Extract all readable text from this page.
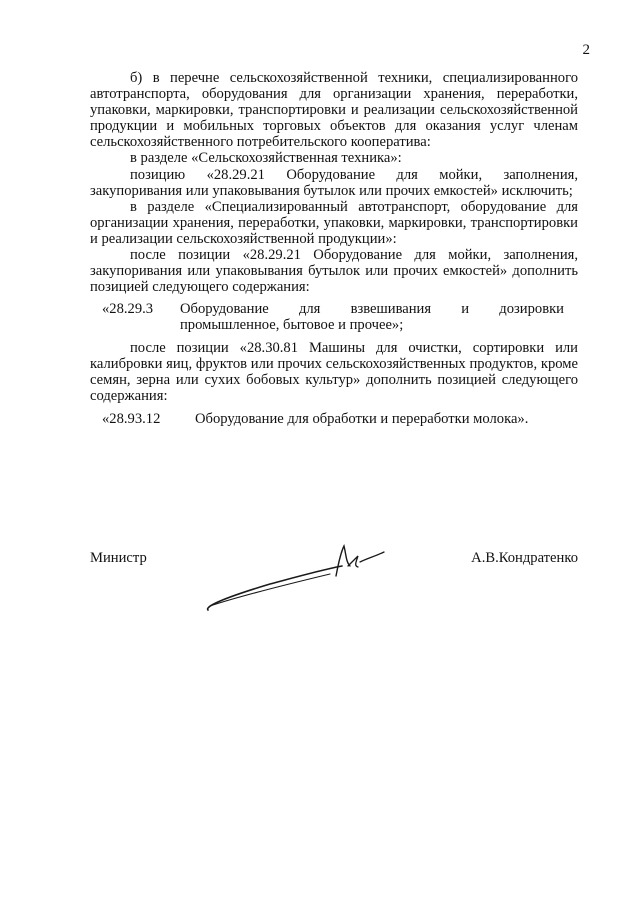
2

б) в перечне сельскохозяйственной техники, специализированного автотранспорта, оборудования для организации хранения, переработки, упаковки, маркировки, транспортировки и реализации сельскохозяйственной продукции и мобильных торговых объектов для оказания услуг членам сельскохозяйственного потребительского кооператива:

в разделе «Сельскохозяйственная техника»:

позицию «28.29.21 Оборудование для мойки, заполнения, закупоривания или упаковывания бутылок или прочих емкостей» исключить;

в разделе «Специализированный автотранспорт, оборудование для организации хранения, переработки, упаковки, маркировки, транспортировки и реализации сельскохозяйственной продукции»:

после позиции «28.29.21 Оборудование для мойки, заполнения, закупоривания или упаковывания бутылок или прочих емкостей» дополнить позицией следующего содержания:

«28.29.3	Оборудование для взвешивания и дозировки
промышленное, бытовое и прочее»;

после позиции «28.30.81 Машины для очистки, сортировки или калибровки яиц, фруктов или прочих сельскохозяйственных продуктов, кроме семян, зерна или сухих бобовых культур» дополнить позицией следующего содержания:

«28.93.12	Оборудование для обработки и переработки молока».
Министр	А.В.Кондратенко
